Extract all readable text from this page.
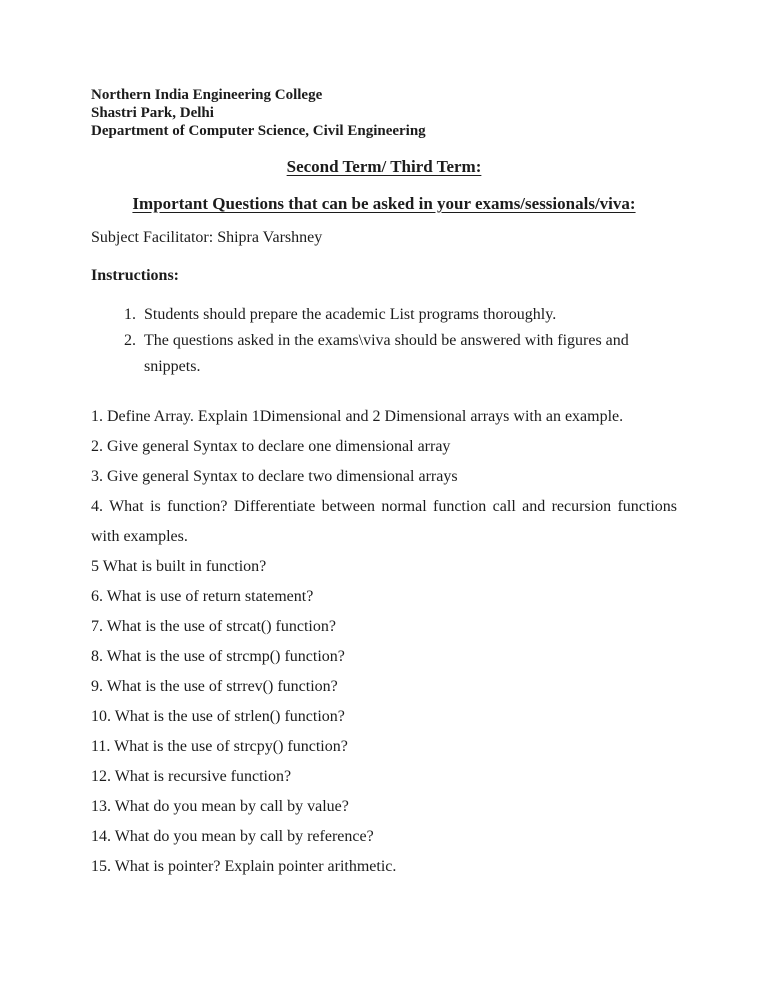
Northern India Engineering College

Shastri Park, Delhi

Department of Computer Science, Civil Engineering

Second Term/ Third Term:

Important Questions that can be asked in your exams/sessionals/viva:

Subject Facilitator: Shipra Varshney

Instructions:

1. Students should prepare the academic List programs thoroughly.
2. The questions asked in the exams\viva should be answered with figures and snippets.

1. Define Array. Explain 1Dimensional and 2 Dimensional arrays with an example.

2. Give general Syntax to declare one dimensional array

3. Give general Syntax to declare two dimensional arrays

4. What is function? Differentiate between normal function call and recursion functions with examples.

5 What is built in function?

6. What is use of return statement?

7. What is the use of strcat() function?

8. What is the use of strcmp() function?

9. What is the use of strrev() function?

10. What is the use of strlen() function?

11. What is the use of strcpy() function?

12. What is recursive function?

13. What do you mean by call by value?

14. What do you mean by call by reference?

15. What is pointer? Explain pointer arithmetic.
